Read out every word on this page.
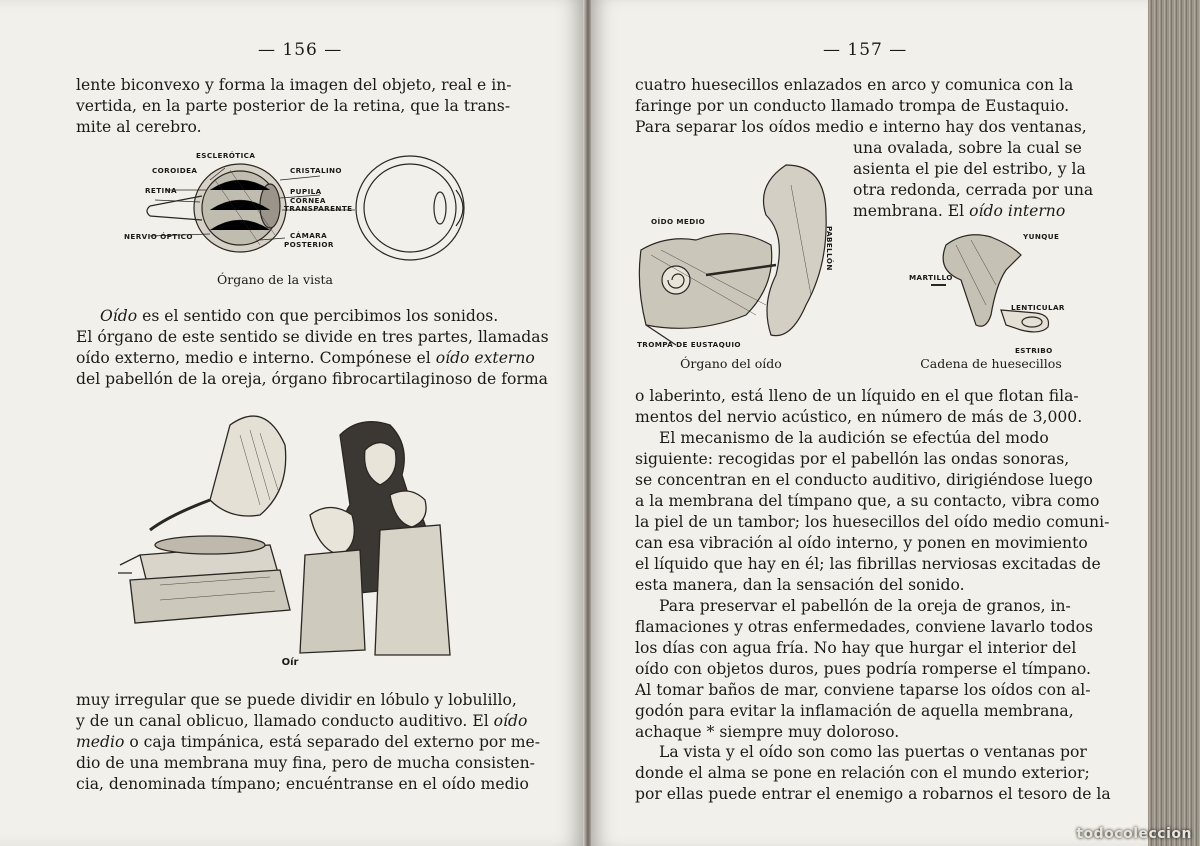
— 156 —
lente biconvexo y forma la imagen del objeto, real e in-
vertida, en la parte posterior de la retina, que la trans-
mite al cerebro.
ESCLERÓTICA
COROIDEA
RETINA
NERVIO ÓPTICO
CRISTALINO
PUPILA
CÓRNEA
TRANSPARENTE
CÁMARA
POSTERIOR
Órgano de la vista
Oído es el sentido con que percibimos los sonidos.
El órgano de este sentido se divide en tres partes, llamadas
oído externo, medio e interno. Compónese el oído externo
del pabellón de la oreja, órgano fibrocartilaginoso de forma
Oír
muy irregular que se puede dividir en lóbulo y lobulillo,
y de un canal oblicuo, llamado conducto auditivo. El oído
medio o caja timpánica, está separado del externo por me-
dio de una membrana muy fina, pero de mucha consisten-
cia, denominada tímpano; encuéntranse en el oído medio
— 157 —
cuatro huesecillos enlazados en arco y comunica con la
faringe por un conducto llamado trompa de Eustaquio.
Para separar los oídos medio e interno hay dos ventanas,
una ovalada, sobre la cual se
asienta el pie del estribo, y la
otra redonda, cerrada por una
membrana. El oído interno
OÍDO MEDIO
PABELLÓN
TROMPA DE EUSTAQUIO
Órgano del oído
YUNQUE
MARTILLO
LENTICULAR
ESTRIBO
Cadena de huesecillos
o laberinto, está lleno de un líquido en el que flotan fila-
mentos del nervio acústico, en número de más de 3,000.
El mecanismo de la audición se efectúa del modo
siguiente: recogidas por el pabellón las ondas sonoras,
se concentran en el conducto auditivo, dirigiéndose luego
a la membrana del tímpano que, a su contacto, vibra como
la piel de un tambor; los huesecillos del oído medio comuni-
can esa vibración al oído interno, y ponen en movimiento
el líquido que hay en él; las fibrillas nerviosas excitadas de
esta manera, dan la sensación del sonido.
Para preservar el pabellón de la oreja de granos, in-
flamaciones y otras enfermedades, conviene lavarlo todos
los días con agua fría. No hay que hurgar el interior del
oído con objetos duros, pues podría romperse el tímpano.
Al tomar baños de mar, conviene taparse los oídos con al-
godón para evitar la inflamación de aquella membrana,
achaque * siempre muy doloroso.
La vista y el oído son como las puertas o ventanas por
donde el alma se pone en relación con el mundo exterior;
por ellas puede entrar el enemigo a robarnos el tesoro de la
todocoleccion
